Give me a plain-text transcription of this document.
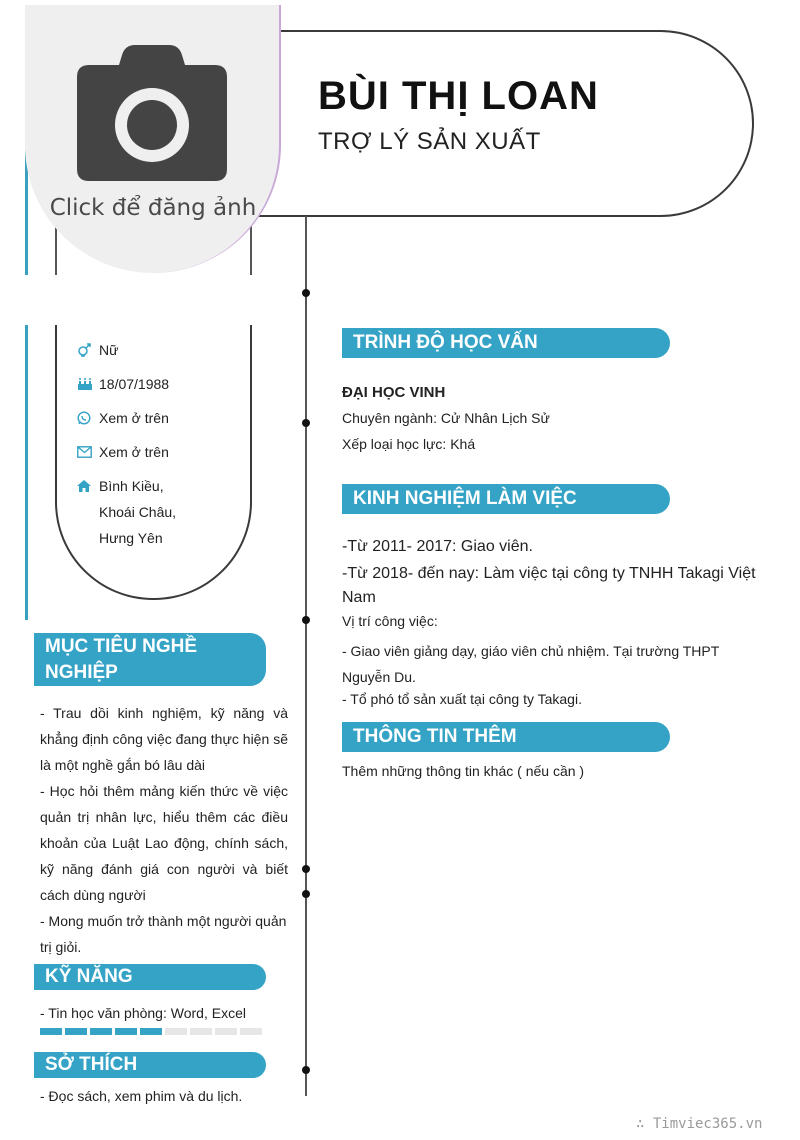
BÙI THỊ LOAN
TRỢ LÝ SẢN XUẤT
Click để đăng ảnh
Nữ
18/07/1988
Xem ở trên
Xem ở trên
Bình Kiều,
Khoái Châu,
Hưng Yên
MỤC TIÊU NGHỀ
NGHIỆP

- Trau dồi kinh nghiệm, kỹ năng và khẳng định công việc đang thực hiện sẽ là một nghề gắn bó lâu dài

- Học hỏi thêm mảng kiến thức về việc quản trị nhân lực, hiểu thêm các điều khoản của Luật Lao động, chính sách, kỹ năng đánh giá con người và biết cách dùng người

- Mong muốn trở thành một người quản trị giỏi.

KỸ NĂNG
- Tin học văn phòng: Word, Excel
SỞ THÍCH
- Đọc sách, xem phim và du lịch.
TRÌNH ĐỘ HỌC VẤN
ĐẠI HỌC VINH
Chuyên ngành: Cử Nhân Lịch Sử
Xếp loại học lực: Khá
KINH NGHIỆM LÀM VIỆC
-Từ 2011- 2017: Giao viên.
-Từ 2018- đến nay: Làm việc tại công ty TNHH Takagi Việt Nam
Vị trí công việc:
- Giao viên giảng dạy, giáo viên chủ nhiệm. Tại trường THPT Nguyễn Du.
- Tổ phó tổ sản xuất tại công ty Takagi.
THÔNG TIN THÊM
Thêm những thông tin khác ( nếu cần )
∴ Timviec365.vn
